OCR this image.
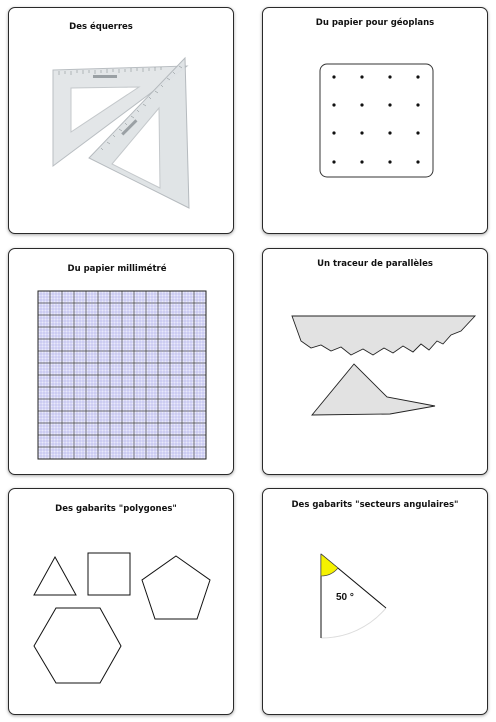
Des équerres	Du papier pour géoplans
Du papier millimétré	Un traceur de parallèles
Des gabarits "polygones"	Des gabarits "secteurs angulaires"
50 °
